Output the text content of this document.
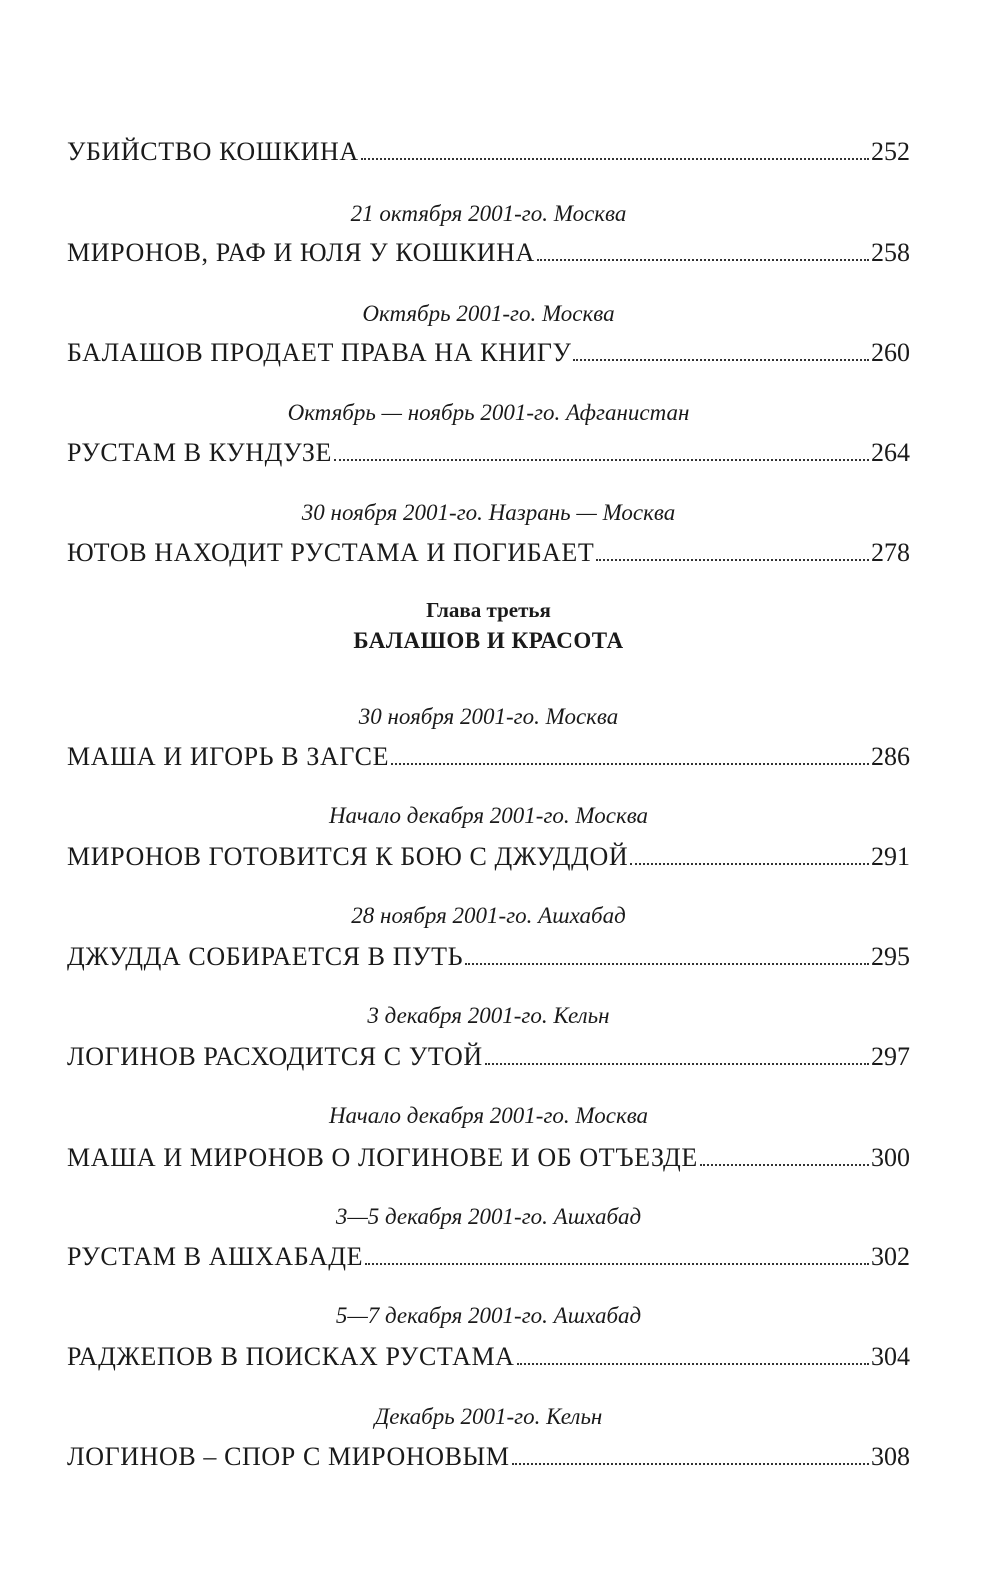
УБИЙСТВО КОШКИНА	252
21 октября 2001-го. Москва
МИРОНОВ, РАФ И ЮЛЯ У КОШКИНА	258
Октябрь 2001-го. Москва
БАЛАШОВ ПРОДАЕТ ПРАВА НА КНИГУ	260
Октябрь — ноябрь 2001-го. Афганистан
РУСТАМ В КУНДУЗЕ	264
30 ноября 2001-го. Назрань — Москва
ЮТОВ НАХОДИТ РУСТАМА И ПОГИБАЕТ	278
Глава третья
БАЛАШОВ И КРАСОТА
30 ноября 2001-го. Москва
МАША И ИГОРЬ В ЗАГСЕ	286
Начало декабря 2001-го. Москва
МИРОНОВ ГОТОВИТСЯ К БОЮ С ДЖУДДОЙ	291
28 ноября 2001-го. Ашхабад
ДЖУДДА СОБИРАЕТСЯ В ПУТЬ	295
3 декабря 2001-го. Кельн
ЛОГИНОВ РАСХОДИТСЯ С УТОЙ	297
Начало декабря 2001-го. Москва
МАША И МИРОНОВ О ЛОГИНОВЕ И ОБ ОТЪЕЗДЕ	300
3—5 декабря 2001-го. Ашхабад
РУСТАМ В АШХАБАДЕ	302
5—7 декабря 2001-го. Ашхабад
РАДЖЕПОВ В ПОИСКАХ РУСТАМА	304
Декабрь 2001-го. Кельн
ЛОГИНОВ – СПОР С МИРОНОВЫМ	308
